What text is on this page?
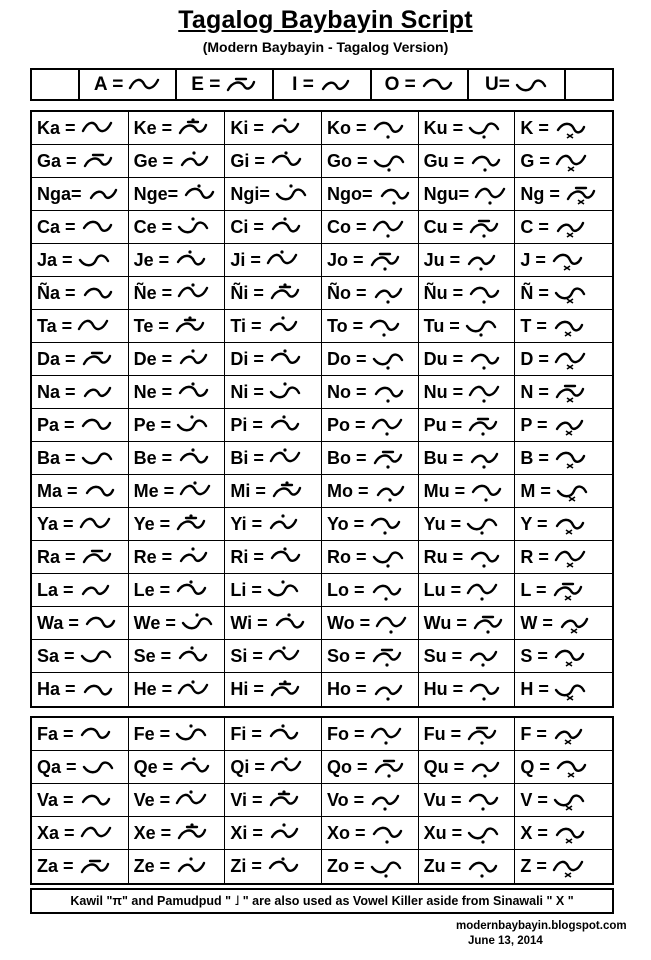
Tagalog Baybayin Script
(Modern Baybayin - Tagalog Version)
A =	E =	I =	O =	U=
Ka =	Ke =	Ki =	Ko =	Ku =	K =
Ga =	Ge =	Gi =	Go =	Gu =	G =
Nga=	Nge=	Ngi=	Ngo=	Ngu=	Ng =
Ca =	Ce =	Ci =	Co =	Cu =	C =
Ja =	Je =	Ji =	Jo =	Ju =	J =
Ña =	Ñe =	Ñi =	Ño =	Ñu =	Ñ =
Ta =	Te =	Ti =	To =	Tu =	T =
Da =	De =	Di =	Do =	Du =	D =
Na =	Ne =	Ni =	No =	Nu =	N =
Pa =	Pe =	Pi =	Po =	Pu =	P =
Ba =	Be =	Bi =	Bo =	Bu =	B =
Ma =	Me =	Mi =	Mo =	Mu =	M =
Ya =	Ye =	Yi =	Yo =	Yu =	Y =
Ra =	Re =	Ri =	Ro =	Ru =	R =
La =	Le =	Li =	Lo =	Lu =	L =
Wa =	We =	Wi =	Wo =	Wu =	W =
Sa =	Se =	Si =	So =	Su =	S =
Ha =	He =	Hi =	Ho =	Hu =	H =
Fa =	Fe =	Fi =	Fo =	Fu =	F =
Qa =	Qe =	Qi =	Qo =	Qu =	Q =
Va =	Ve =	Vi =	Vo =	Vu =	V =
Xa =	Xe =	Xi =	Xo =	Xu =	X =
Za =	Ze =	Zi =	Zo =	Zu =	Z =
Kawil "π" and Pamudpud " ˩ " are also used as Vowel Killer aside from Sinawali " X "
modernbaybayin.blogspot.com
June 13, 2014
